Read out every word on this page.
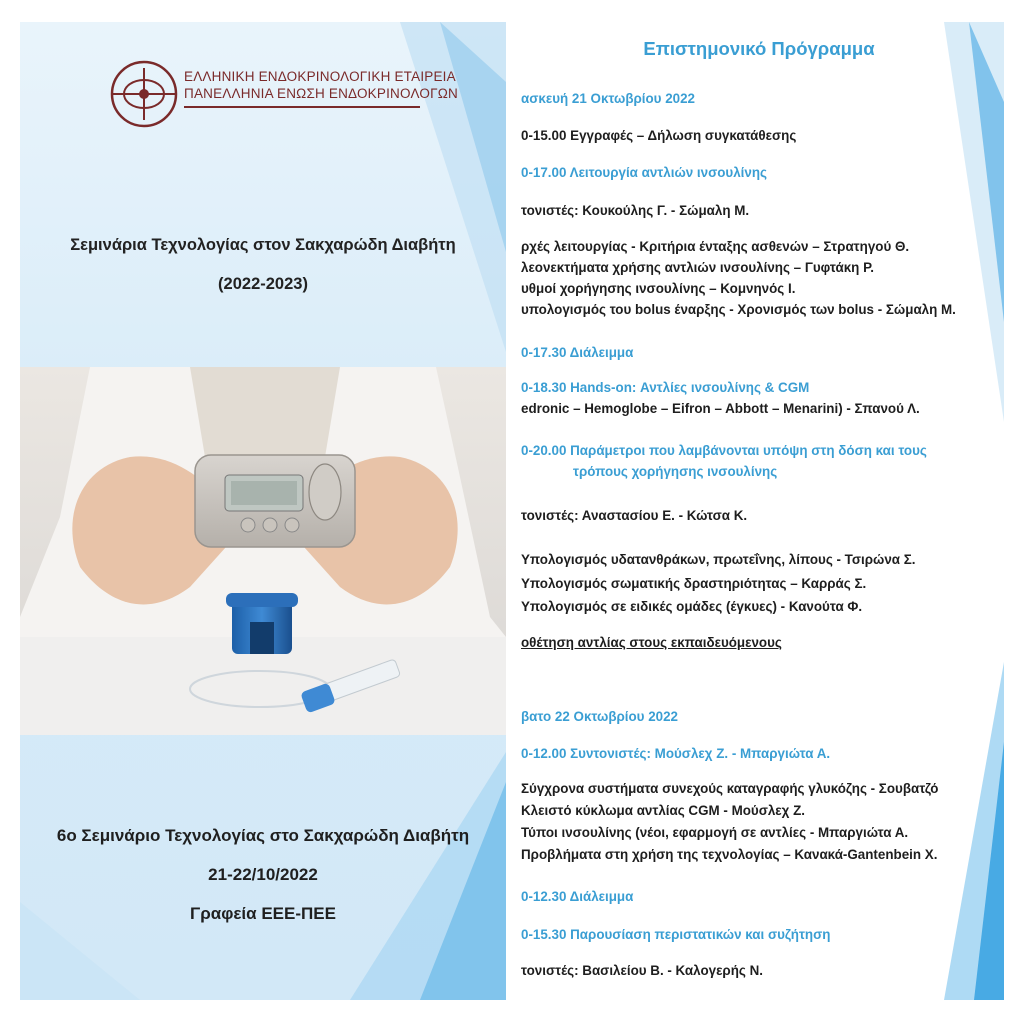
ΕΛΛΗΝΙΚΗ ΕΝΔΟΚΡΙΝΟΛΟΓΙΚΗ ΕΤΑΙΡΕΙΑ
ΠΑΝΕΛΛΗΝΙΑ ΕΝΩΣΗ ΕΝΔΟΚΡΙΝΟΛΟΓΩΝ
Σεμινάρια Τεχνολογίας στον Σακχαρώδη Διαβήτη
(2022-2023)
6ο Σεμινάριο Τεχνολογίας στο Σακχαρώδη Διαβήτη
21-22/10/2022
Γραφεία ΕΕΕ-ΠΕΕ
Επιστημονικό Πρόγραμμα
ασκευή 21 Οκτωβρίου 2022
0-15.00 Εγγραφές – Δήλωση συγκατάθεσης
0-17.00 Λειτουργία αντλιών ινσουλίνης
τονιστές: Κουκούλης Γ. - Σώμαλη Μ.
ρχές λειτουργίας - Κριτήρια ένταξης ασθενών – Στρατηγού Θ.
λεονεκτήματα χρήσης αντλιών ινσουλίνης – Γυφτάκη Ρ.
υθμοί χορήγησης ινσουλίνης – Κομνηνός Ι.
υπολογισμός του bolus έναρξης - Χρονισμός των bolus - Σώμαλη Μ.
0-17.30 Διάλειμμα
0-18.30 Hands-on: Αντλίες ινσουλίνης & CGM
edronic – Hemoglobe – Eifron – Abbott – Menarini) - Σπανού Λ.
0-20.00 Παράμετροι που λαμβάνονται υπόψη στη δόση και τους
τρόπους χορήγησης ινσουλίνης
τονιστές: Αναστασίου Ε. - Κώτσα Κ.
Υπολογισμός υδατανθράκων, πρωτεΐνης, λίπους - Τσιρώνα Σ.
Υπολογισμός σωματικής δραστηριότητας – Καρράς Σ.
Υπολογισμός σε ειδικές ομάδες (έγκυες) - Κανούτα Φ.
οθέτηση αντλίας στους εκπαιδευόμενους
βατο 22 Οκτωβρίου 2022
0-12.00 Συντονιστές: Μούσλεχ Ζ. - Μπαργιώτα Α.
Σύγχρονα συστήματα συνεχούς καταγραφής γλυκόζης - Σουβατζό
Κλειστό κύκλωμα αντλίας CGM - Μούσλεχ Ζ.
Τύποι ινσουλίνης (νέοι, εφαρμογή σε αντλίες - Μπαργιώτα Α.
Προβλήματα στη χρήση της τεχνολογίας – Κανακά-Gantenbein Χ.
0-12.30 Διάλειμμα
0-15.30 Παρουσίαση περιστατικών και συζήτηση
τονιστές: Βασιλείου Β. - Καλογερής Ν.
